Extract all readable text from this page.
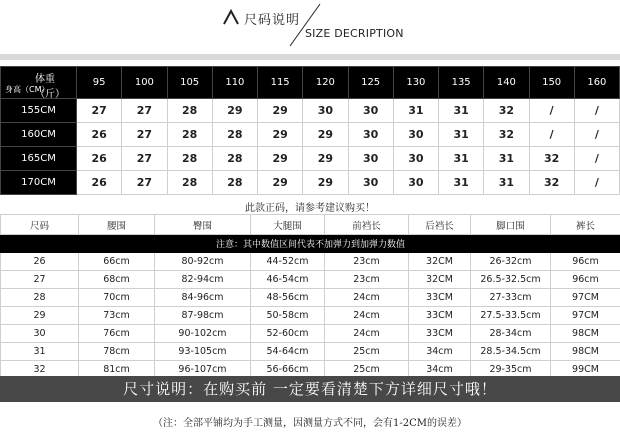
尺码说明
SIZE DECRIPTION
体重（斤）
身高（CM）	95	100	105	110	115	120	125	130	135	140	150	160
155CM	27	27	28	29	29	30	30	31	31	32	/	/
160CM	26	27	28	28	29	29	30	30	31	32	/	/
165CM	26	27	28	28	29	29	30	30	31	31	32	/
170CM	26	27	28	28	29	29	30	30	31	31	32	/
此款正码，请参考建议购买！
尺码	腰围	臀围	大腿围	前裆长	后裆长	脚口围	裤长
注意：其中数值区间代表不加弹力到加弹力数值							
26	66cm	80-92cm	44-52cm	23cm	32CM	26-32cm	96cm
27	68cm	82-94cm	46-54cm	23cm	32CM	26.5-32.5cm	96cm
28	70cm	84-96cm	48-56cm	24cm	33CM	27-33cm	97CM
29	73cm	87-98cm	50-58cm	24cm	33CM	27.5-33.5cm	97CM
30	76cm	90-102cm	52-60cm	24cm	33CM	28-34cm	98CM
31	78cm	93-105cm	54-64cm	25cm	34cm	28.5-34.5cm	98CM
32	81cm	96-107cm	56-66cm	25cm	34cm	29-35cm	99CM
尺寸说明：在购买前 一定要看清楚下方详细尺寸哦！
（注：全部平铺均为手工测量，因测量方式不同，会有1-2CM的误差）
